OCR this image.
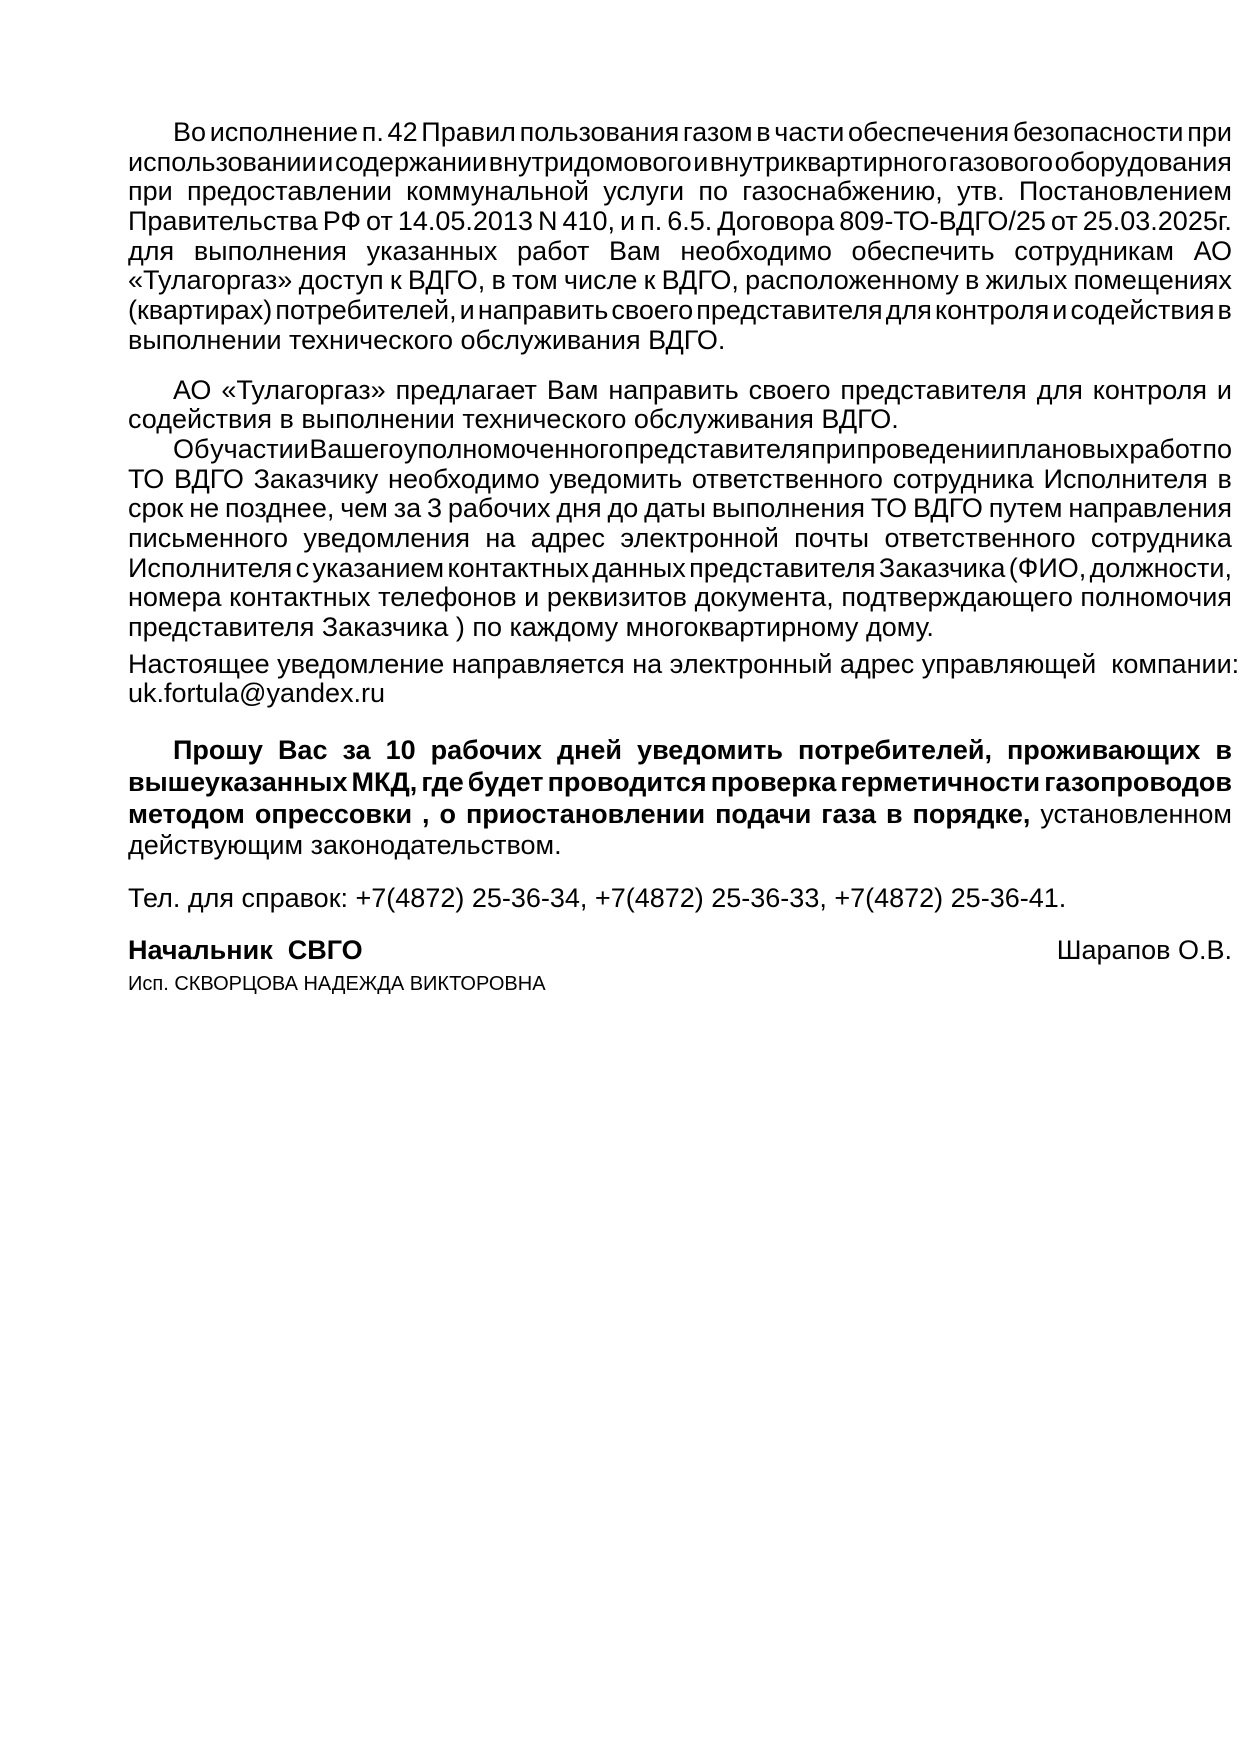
Во исполнение п. 42 Правил пользования газом в части обеспечения безопасности при
использовании и содержании внутридомового и внутриквартирного газового оборудования
при предоставлении коммунальной услуги по газоснабжению, утв. Постановлением
Правительства РФ от 14.05.2013 N 410, и п. 6.5. Договора 809-ТО-ВДГО/25 от 25.03.2025г.
для выполнения указанных работ Вам необходимо обеспечить сотрудникам АО
«Тулагоргаз» доступ к ВДГО, в том числе к ВДГО, расположенному в жилых помещениях
(квартирах) потребителей, и направить своего представителя для контроля и содействия в
выполнении технического обслуживания ВДГО.
АО «Тулагоргаз» предлагает Вам направить своего представителя для контроля и
содействия в выполнении технического обслуживания ВДГО.
Об участии Вашего уполномоченного представителя при проведении плановых работ по
ТО ВДГО Заказчику необходимо уведомить ответственного сотрудника Исполнителя в
срок не позднее, чем за 3 рабочих дня до даты выполнения ТО ВДГО путем направления
письменного уведомления на адрес электронной почты ответственного сотрудника
Исполнителя с указанием контактных данных представителя Заказчика (ФИО, должности,
номера контактных телефонов и реквизитов документа, подтверждающего полномочия
представителя Заказчика ) по каждому многоквартирному дому.
Настоящее уведомление направляется на электронный адрес управляющей  компании:
uk.fortula@yandex.ru
Прошу Вас за 10 рабочих дней уведомить потребителей, проживающих в
вышеуказанных МКД, где будет проводится проверка герметичности газопроводов
методом опрессовки , о приостановлении подачи газа в порядке, установленном
действующим законодательством.
Тел. для справок: +7(4872) 25-36-34, +7(4872) 25-36-33, +7(4872) 25-36-41.
Начальник  СВГО	Шарапов О.В.
Исп. СКВОРЦОВА НАДЕЖДА ВИКТОРОВНА
